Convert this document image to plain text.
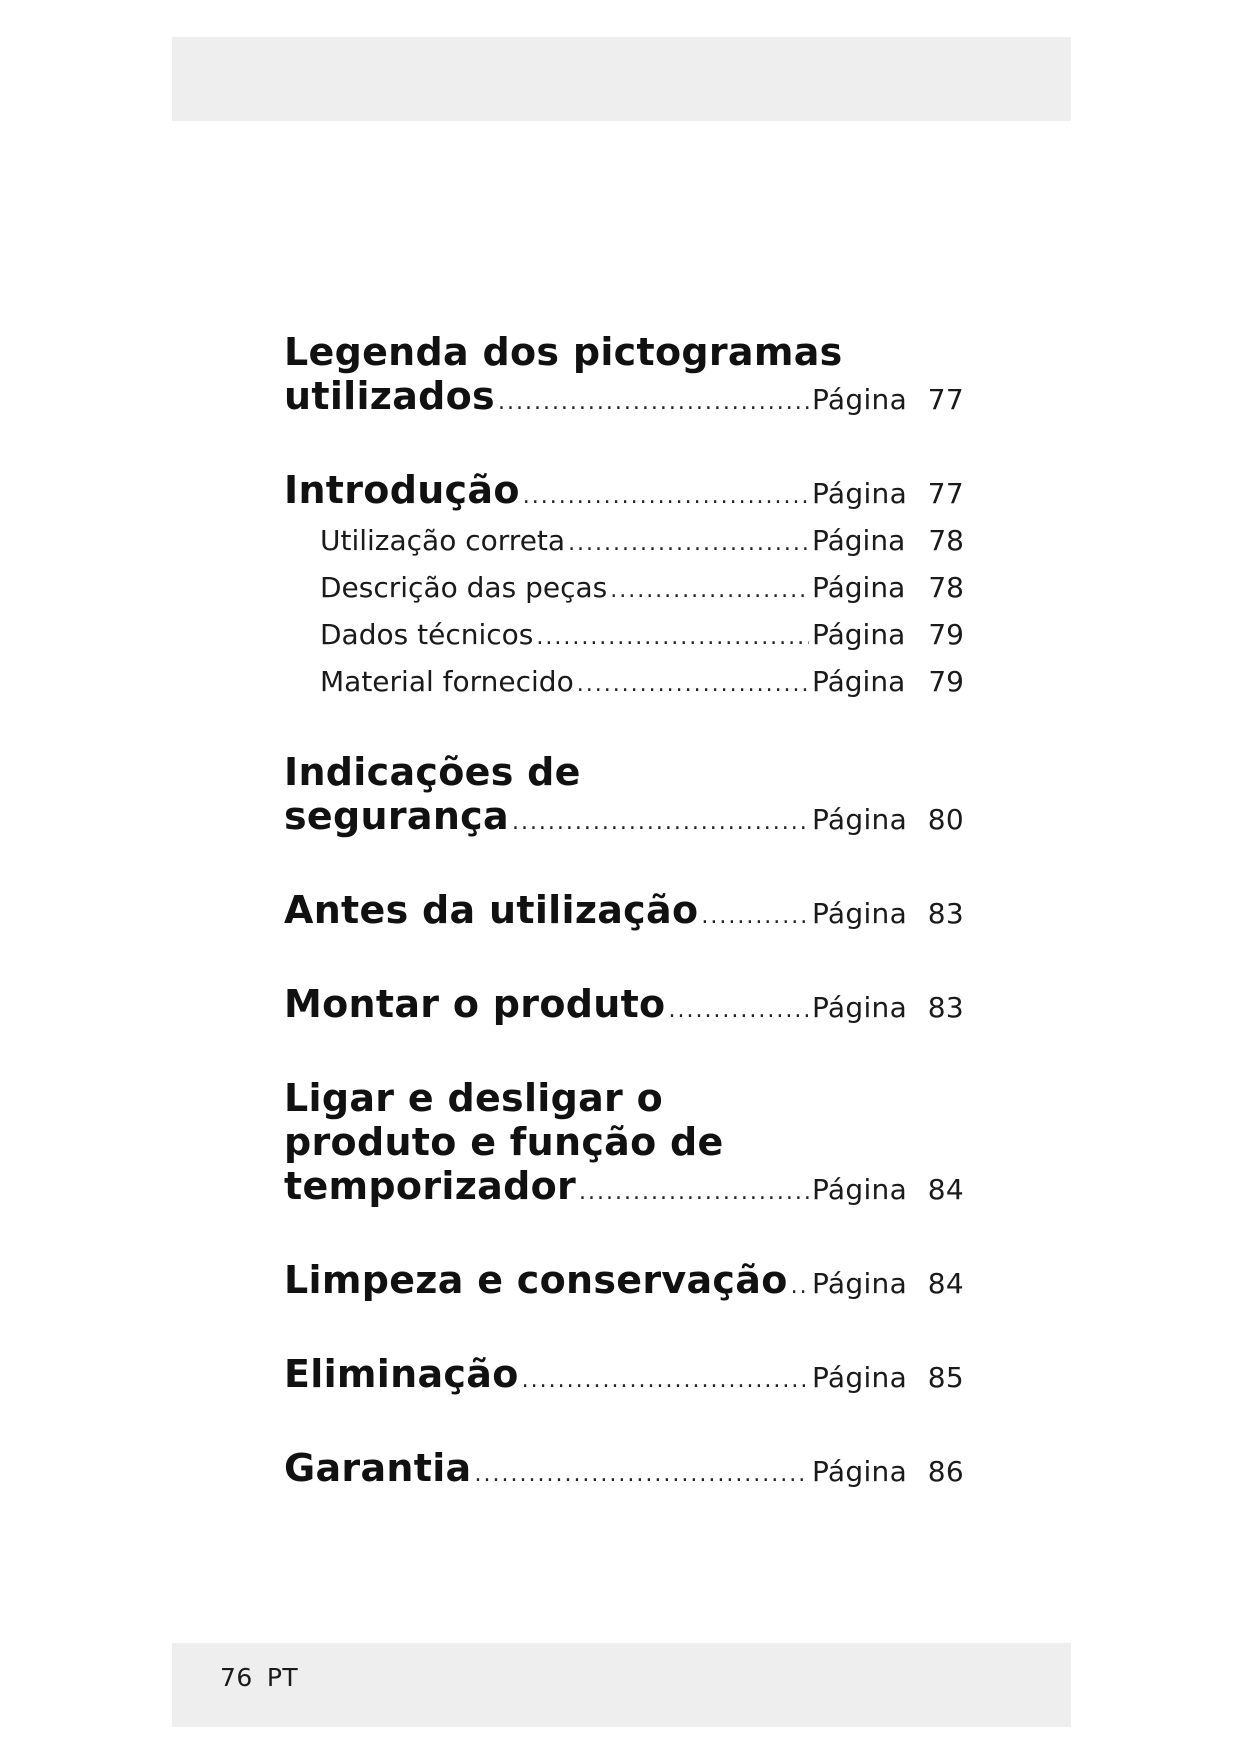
Legenda dos pictogramas
utilizados .....	Página 77
Introdução .....	Página 77
Utilização correta .....	Página 78
Descrição das peças .....	Página 78
Dados técnicos .....	Página 79
Material fornecido .....	Página 79
Indicações de
segurança .....	Página 80
Antes da utilização .....	Página 83
Montar o produto .....	Página 83
Ligar e desligar o
produto e função de
temporizador .....	Página 84
Limpeza e conservação ..... Página 84
Eliminação .....	Página 85
Garantia .....	Página 86
76 PT
